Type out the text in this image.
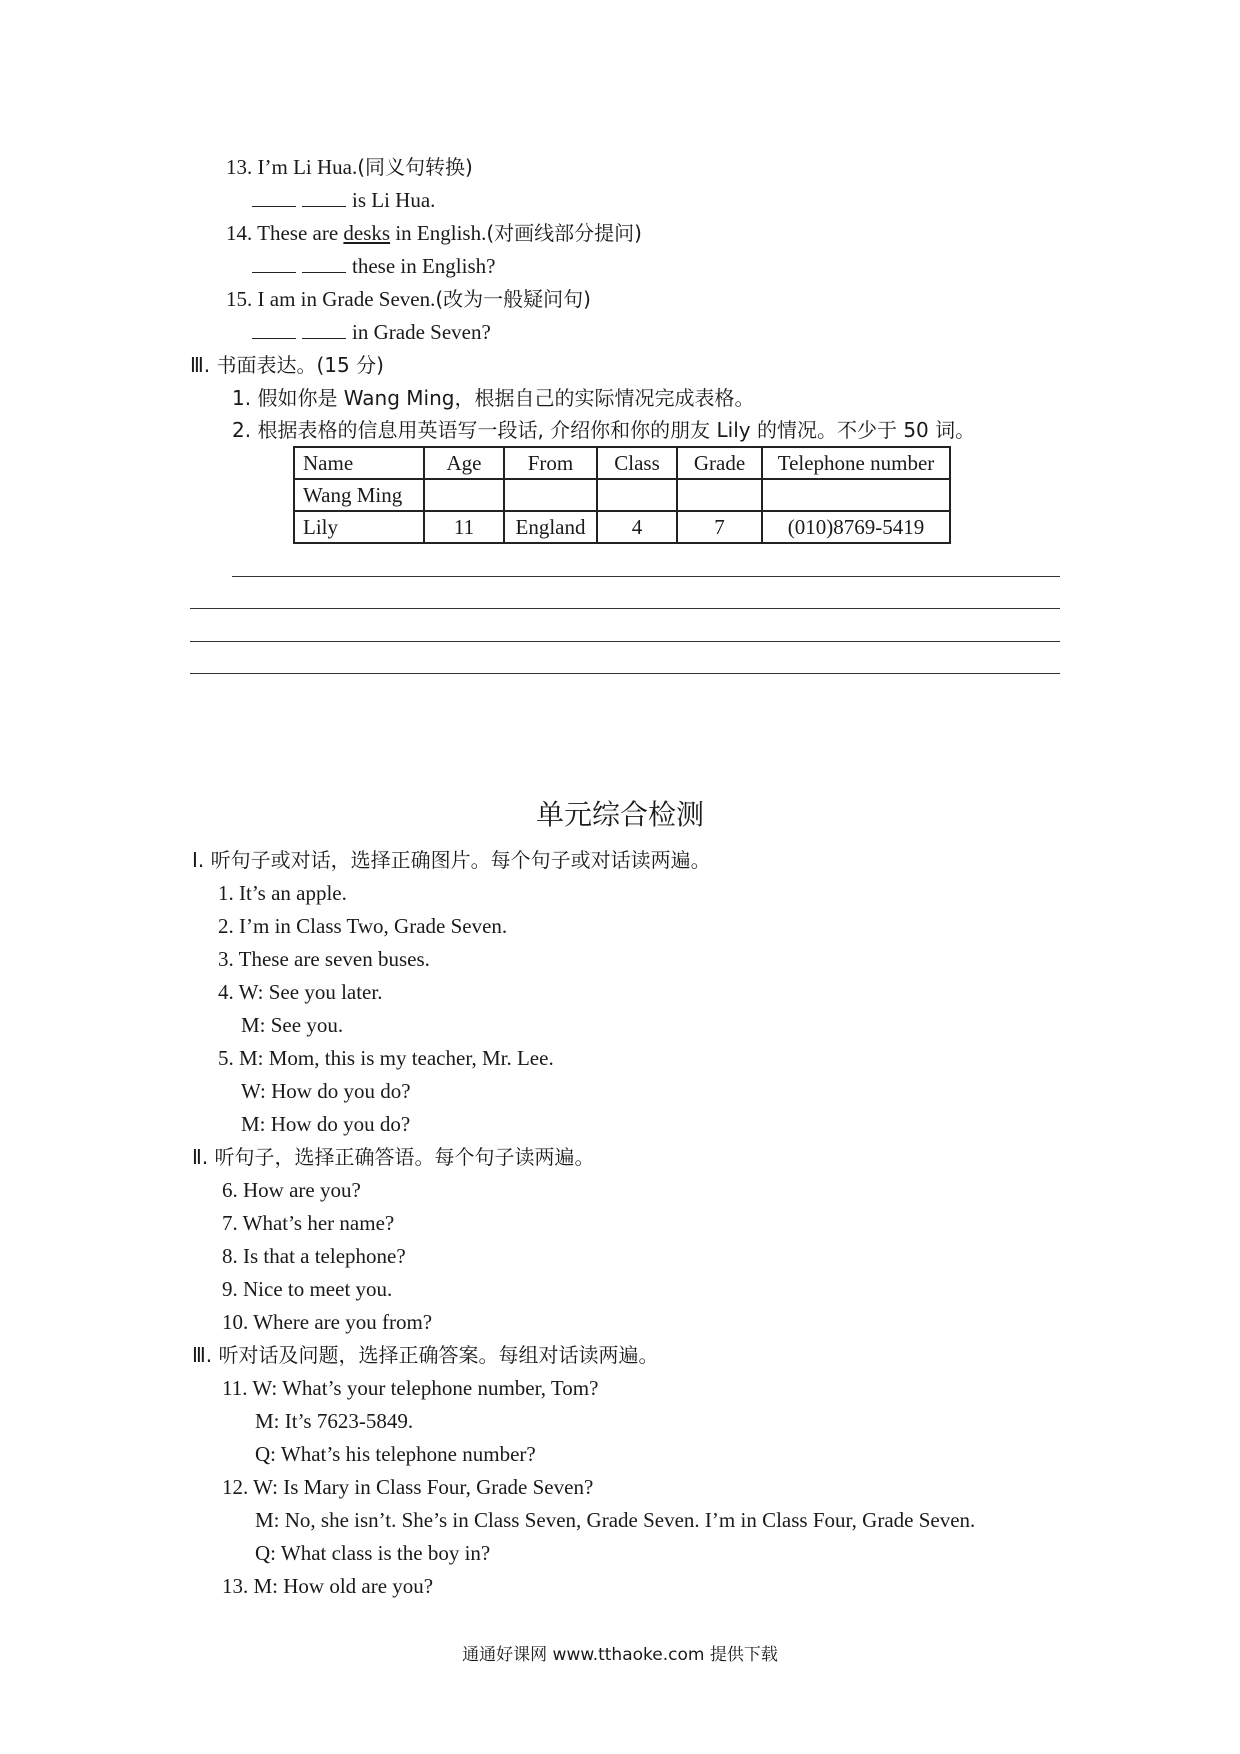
13. I’m Li Hua.(同义句转换)
is Li Hua.
14. These are desks in English.(对画线部分提问)
these in English?
15. I am in Grade Seven.(改为一般疑问句)
in Grade Seven?
Ⅲ. 书面表达。(15 分)
1. 假如你是 Wang Ming，根据自己的实际情况完成表格。
2. 根据表格的信息用英语写一段话, 介绍你和你的朋友 Lily 的情况。不少于 50 词。
Name	Age	From	Class	Grade	Telephone number
Wang Ming					
Lily	11	England	4	7	(010)8769-5419
单元综合检测
Ⅰ. 听句子或对话，选择正确图片。每个句子或对话读两遍。
1. It’s an apple.
2. I’m in Class Two, Grade Seven.
3. These are seven buses.
4. W: See you later.
M: See you.
5. M: Mom, this is my teacher, Mr. Lee.
W: How do you do?
M: How do you do?
Ⅱ. 听句子，选择正确答语。每个句子读两遍。
6. How are you?
7. What’s her name?
8. Is that a telephone?
9. Nice to meet you.
10. Where are you from?
Ⅲ. 听对话及问题，选择正确答案。每组对话读两遍。
11. W: What’s your telephone number, Tom?
M: It’s 7623-5849.
Q: What’s his telephone number?
12. W: Is Mary in Class Four, Grade Seven?
M: No, she isn’t. She’s in Class Seven, Grade Seven. I’m in Class Four, Grade Seven.
Q: What class is the boy in?
13. M: How old are you?
通通好课网 www.tthaoke.com 提供下载
